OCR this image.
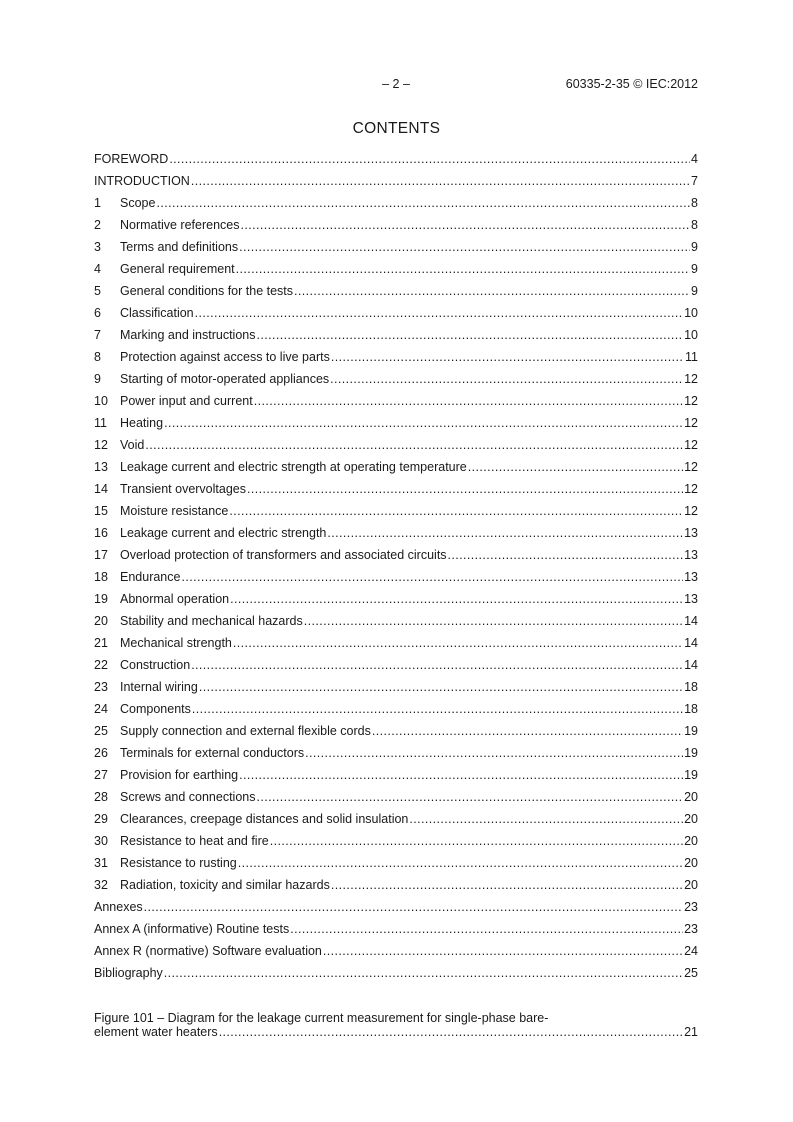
– 2 –	60335-2-35 © IEC:2012
CONTENTS
FOREWORD .....	4
INTRODUCTION .....	7
1	Scope .....	8
2	Normative references .....	8
3	Terms and definitions .....	9
4	General requirement .....	9
5	General conditions for the tests .....	9
6	Classification .....	10
7	Marking and instructions .....	10
8	Protection against access to live parts .....	11
9	Starting of motor-operated appliances .....	12
10 Power input and current .....	12
11	Heating .....	12
12 Void .....	12
13 Leakage current and electric strength at operating temperature .....	12
14 Transient overvoltages .....	12
15 Moisture resistance .....	12
16 Leakage current and electric strength .....	13
17 Overload protection of transformers and associated circuits .....	13
18 Endurance .....	13
19 Abnormal operation .....	13
20 Stability and mechanical hazards .....	14
21 Mechanical strength .....	14
22 Construction .....	14
23 Internal wiring .....	18
24 Components .....	18
25 Supply connection and external flexible cords .....	19
26 Terminals for external conductors .....	19
27 Provision for earthing .....	19
28 Screws and connections .....	20
29 Clearances, creepage distances and solid insulation .....	20
30 Resistance to heat and fire .....	20
31 Resistance to rusting .....	20
32 Radiation, toxicity and similar hazards .....	20
Annexes .....	23
Annex A (informative) Routine tests .....	23
Annex R (normative) Software evaluation .....	24
Bibliography .....	25
Figure 101 – Diagram for the leakage current measurement for single-phase bare-
element water heaters .....	21
